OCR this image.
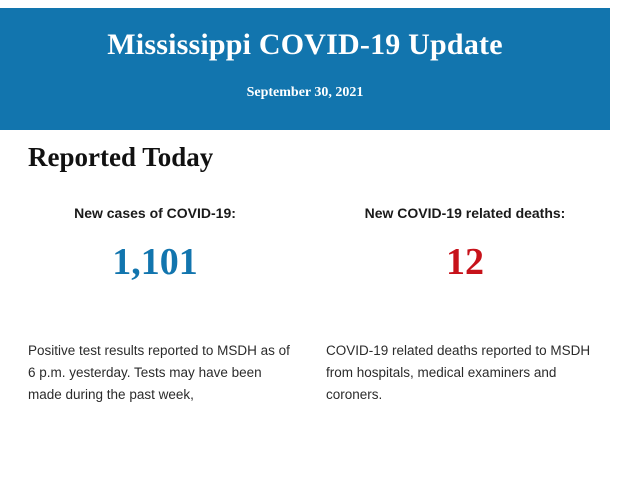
Mississippi COVID-19 Update
September 30, 2021
Reported Today
New cases of COVID-19:
1,101
New COVID-19 related deaths:
12
Positive test results reported to MSDH as of 6 p.m. yesterday. Tests may have been made during the past week,
COVID-19 related deaths reported to MSDH from hospitals, medical examiners and coroners.
